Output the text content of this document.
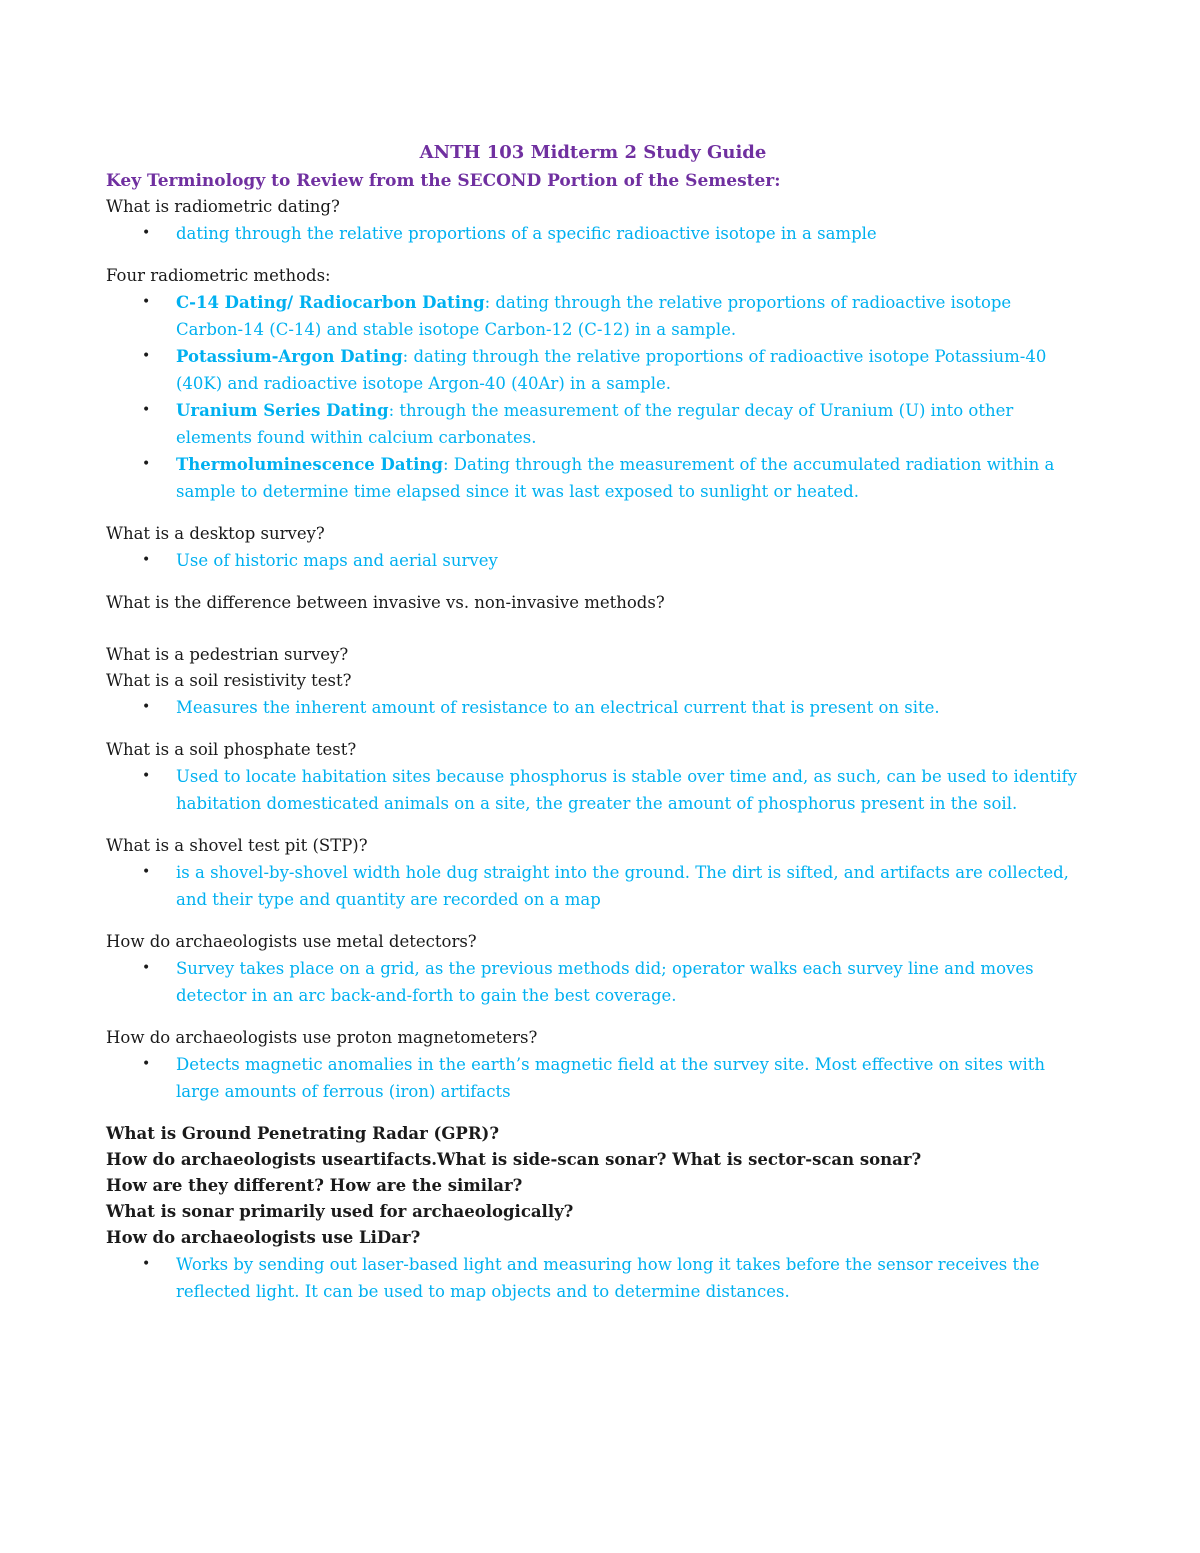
ANTH 103 Midterm 2 Study Guide
Key Terminology to Review from the SECOND Portion of the Semester:
What is radiometric dating?
• dating through the relative proportions of a specific radioactive isotope in a sample
Four radiometric methods:
• C-14 Dating/ Radiocarbon Dating: dating through the relative proportions of radioactive isotope Carbon-14 (C-14) and stable isotope Carbon-12 (C-12) in a sample.
• Potassium-Argon Dating: dating through the relative proportions of radioactive isotope Potassium-40 (40K) and radioactive isotope Argon-40 (40Ar) in a sample.
• Uranium Series Dating: through the measurement of the regular decay of Uranium (U) into other elements found within calcium carbonates.
• Thermoluminescence Dating: Dating through the measurement of the accumulated radiation within a sample to determine time elapsed since it was last exposed to sunlight or heated.
What is a desktop survey?
• Use of historic maps and aerial survey
What is the difference between invasive vs. non-invasive methods?
What is a pedestrian survey?
What is a soil resistivity test?
• Measures the inherent amount of resistance to an electrical current that is present on site.
What is a soil phosphate test?
• Used to locate habitation sites because phosphorus is stable over time and, as such, can be used to identify habitation domesticated animals on a site, the greater the amount of phosphorus present in the soil.
What is a shovel test pit (STP)?
• is a shovel-by-shovel width hole dug straight into the ground. The dirt is sifted, and artifacts are collected, and their type and quantity are recorded on a map
How do archaeologists use metal detectors?
• Survey takes place on a grid, as the previous methods did; operator walks each survey line and moves detector in an arc back-and-forth to gain the best coverage.
How do archaeologists use proton magnetometers?
• Detects magnetic anomalies in the earth’s magnetic field at the survey site. Most effective on sites with large amounts of ferrous (iron) artifacts
What is Ground Penetrating Radar (GPR)?
How do archaeologists useartifacts.What is side-scan sonar? What is sector-scan sonar?
How are they different? How are the similar?
What is sonar primarily used for archaeologically?
How do archaeologists use LiDar?
• Works by sending out laser-based light and measuring how long it takes before the sensor receives the reflected light. It can be used to map objects and to determine distances.
